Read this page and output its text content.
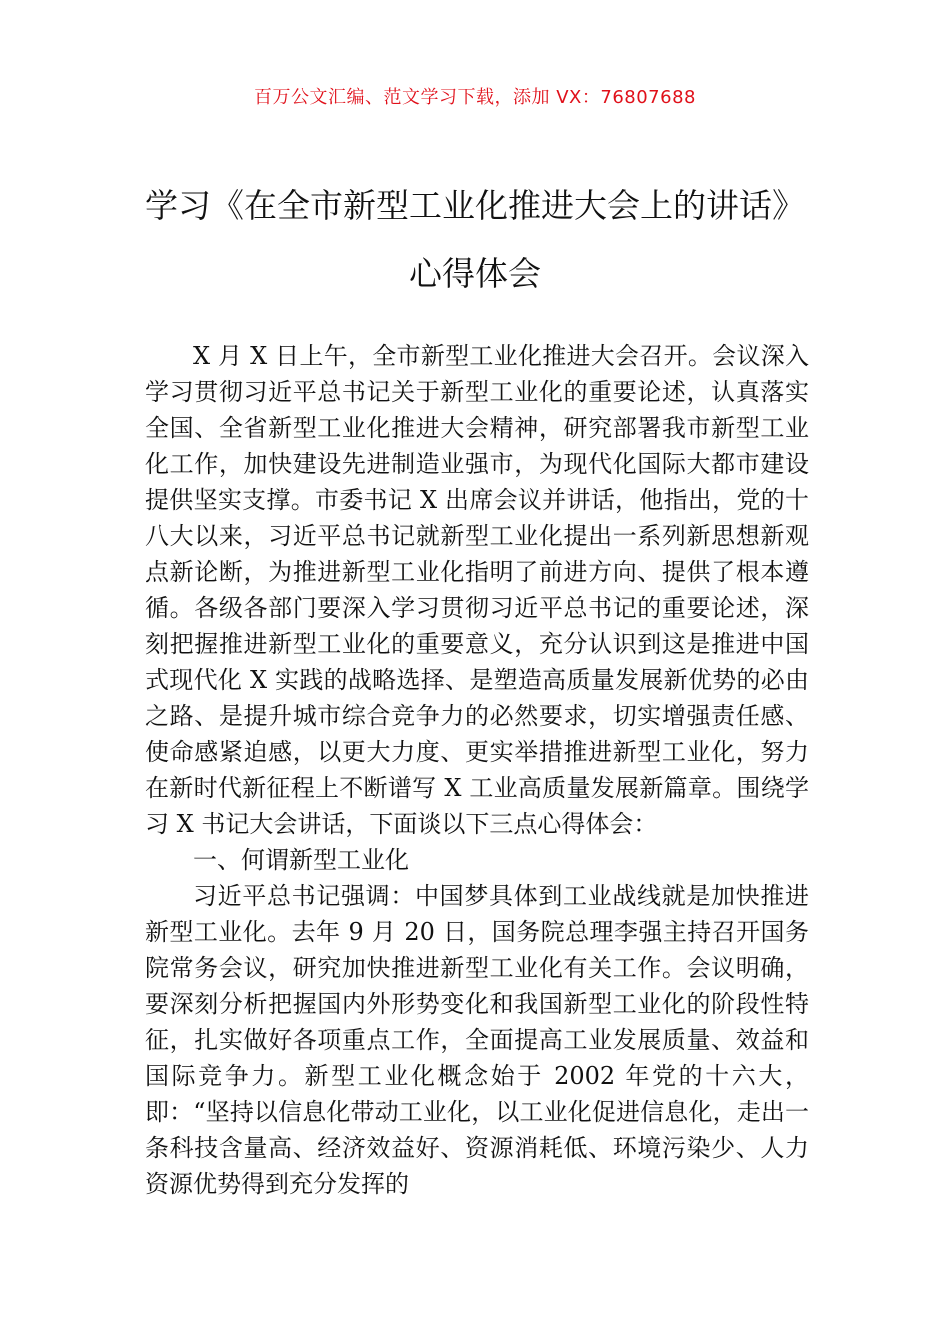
百万公文汇编、范文学习下载，添加 VX：76807688
学习《在全市新型工业化推进大会上的讲话》心得体会

X 月 X 日上午，全市新型工业化推进大会召开。会议深入学习贯彻习近平总书记关于新型工业化的重要论述，认真落实全国、全省新型工业化推进大会精神，研究部署我市新型工业化工作，加快建设先进制造业强市，为现代化国际大都市建设提供坚实支撑。市委书记 X 出席会议并讲话，他指出，党的十八大以来，习近平总书记就新型工业化提出一系列新思想新观点新论断，为推进新型工业化指明了前进方向、提供了根本遵循。各级各部门要深入学习贯彻习近平总书记的重要论述，深刻把握推进新型工业化的重要意义，充分认识到这是推进中国式现代化 X 实践的战略选择、是塑造高质量发展新优势的必由之路、是提升城市综合竞争力的必然要求，切实增强责任感、使命感紧迫感，以更大力度、更实举措推进新型工业化，努力在新时代新征程上不断谱写 X 工业高质量发展新篇章。围绕学习 X 书记大会讲话，下面谈以下三点心得体会：

一、何谓新型工业化

习近平总书记强调：中国梦具体到工业战线就是加快推进新型工业化。去年 9 月 20 日，国务院总理李强主持召开国务院常务会议，研究加快推进新型工业化有关工作。会议明确，要深刻分析把握国内外形势变化和我国新型工业化的阶段性特征，扎实做好各项重点工作，全面提高工业发展质量、效益和国际竞争力。新型工业化概念始于 2002 年党的十六大，即：“坚持以信息化带动工业化，以工业化促进信息化，走出一条科技含量高、经济效益好、资源消耗低、环境污染少、人力资源优势得到充分发挥的
